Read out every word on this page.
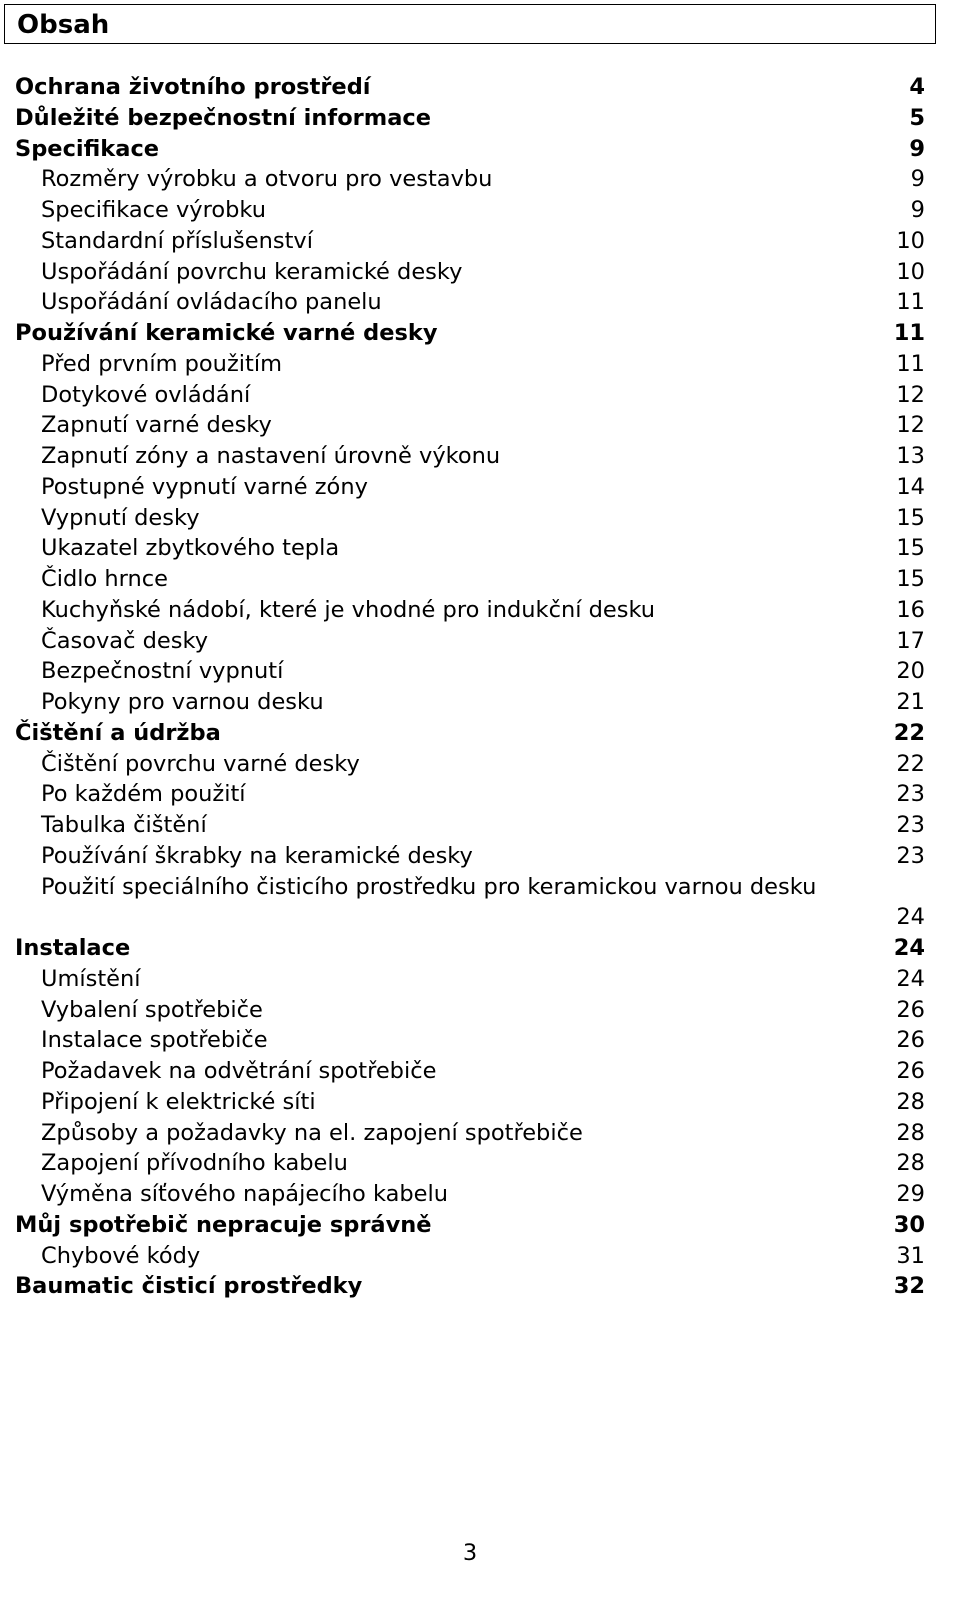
Obsah
Ochrana životního prostředí	4
Důležité bezpečnostní informace	5
Specifikace	9
Rozměry výrobku a otvoru pro vestavbu	9
Specifikace výrobku	9
Standardní příslušenství	10
Uspořádání povrchu keramické desky	10
Uspořádání ovládacího panelu	11
Používání keramické varné desky	11
Před prvním použitím	11
Dotykové ovládání	12
Zapnutí varné desky	12
Zapnutí zóny a nastavení úrovně výkonu	13
Postupné vypnutí varné zóny	14
Vypnutí desky	15
Ukazatel zbytkového tepla	15
Čidlo hrnce	15
Kuchyňské nádobí, které je vhodné pro indukční desku	16
Časovač desky	17
Bezpečnostní vypnutí	20
Pokyny pro varnou desku	21
Čištění a údržba	22
Čištění povrchu varné desky	22
Po každém použití	23
Tabulka čištění	23
Používání škrabky na keramické desky	23
Použití speciálního čisticího prostředku pro keramickou varnou desku
24
Instalace	24
Umístění	24
Vybalení spotřebiče	26
Instalace spotřebiče	26
Požadavek na odvětrání spotřebiče	26
Připojení k elektrické síti	28
Způsoby a požadavky na el. zapojení spotřebiče	28
Zapojení přívodního kabelu	28
Výměna síťového napájecího kabelu	29
Můj spotřebič nepracuje správně	30
Chybové kódy	31
Baumatic čisticí prostředky	32
3
